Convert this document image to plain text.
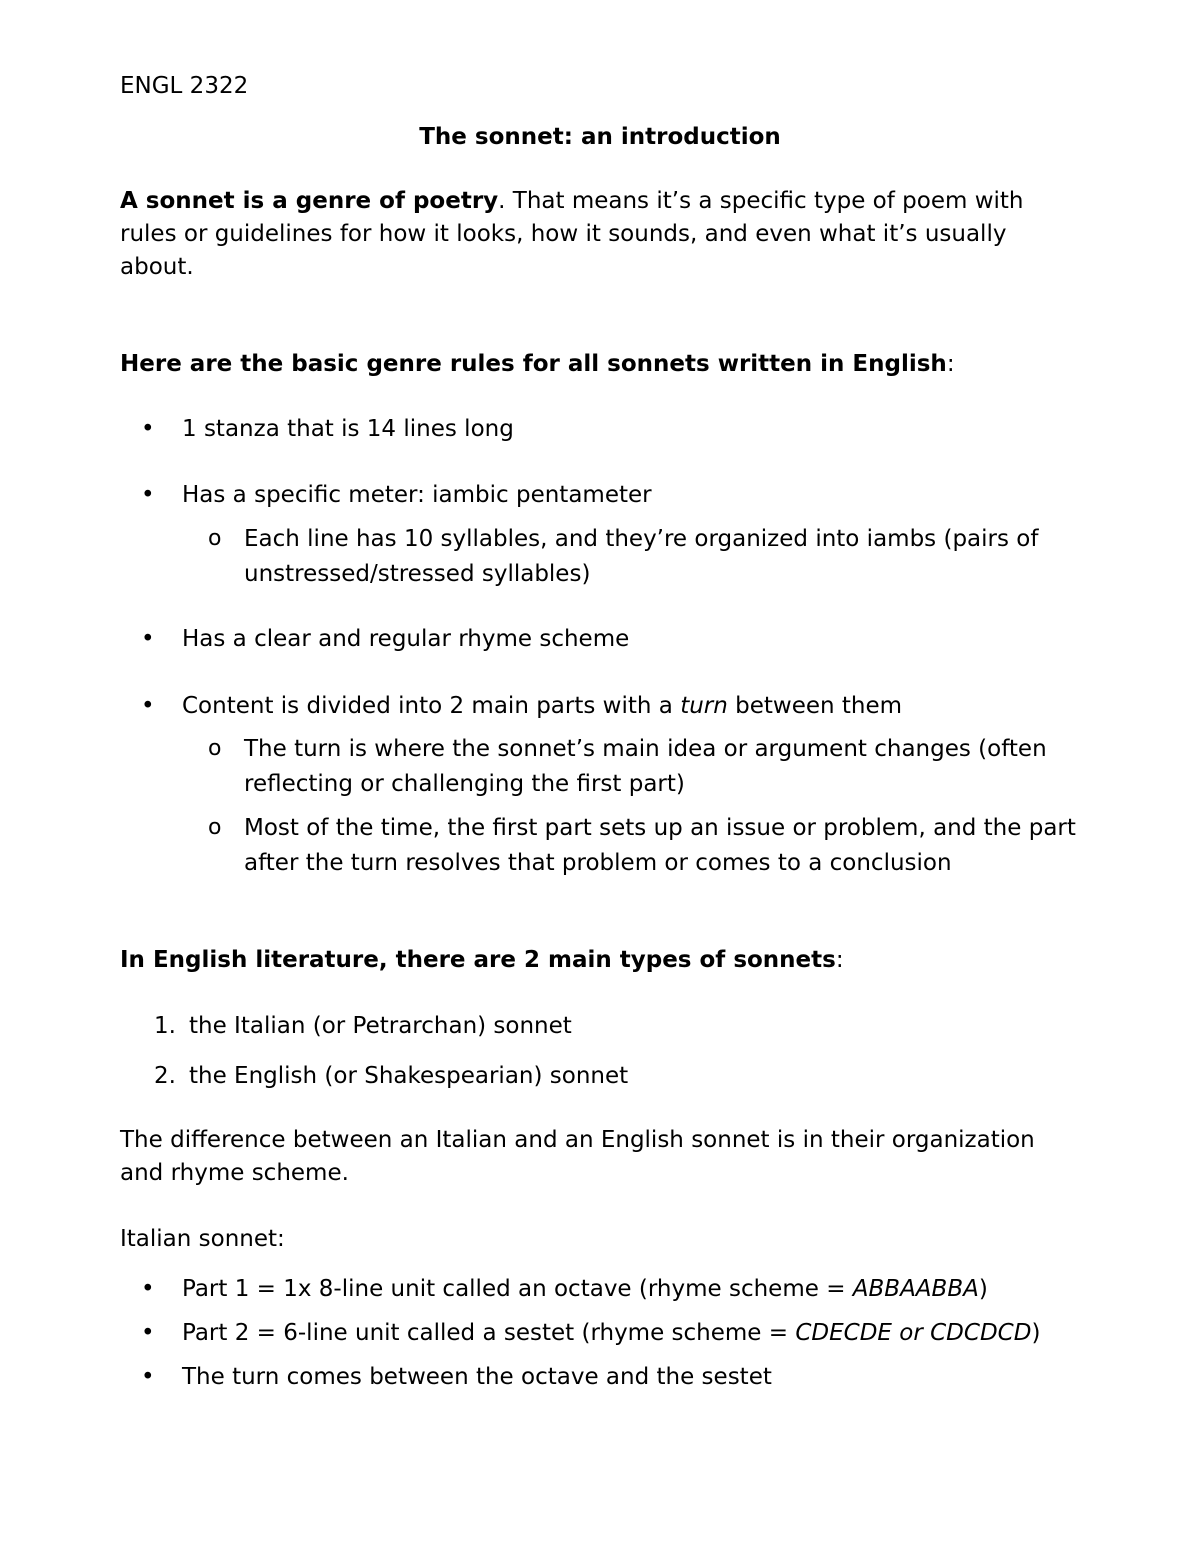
ENGL 2322

The sonnet: an introduction

A sonnet is a genre of poetry. That means it’s a specific type of poem with rules or guidelines for how it looks, how it sounds, and even what it’s usually about.

Here are the basic genre rules for all sonnets written in English:

• 1 stanza that is 14 lines long

• Has a specific meter: iambic pentameter

o Each line has 10 syllables, and they’re organized into iambs (pairs of unstressed/stressed syllables)

• Has a clear and regular rhyme scheme

• Content is divided into 2 main parts with a turn between them

o The turn is where the sonnet’s main idea or argument changes (often reflecting or challenging the first part)

o Most of the time, the first part sets up an issue or problem, and the part after the turn resolves that problem or comes to a conclusion

In English literature, there are 2 main types of sonnets:

1. the Italian (or Petrarchan) sonnet

2. the English (or Shakespearian) sonnet

The difference between an Italian and an English sonnet is in their organization and rhyme scheme.

Italian sonnet:

• Part 1 = 1x 8-line unit called an octave (rhyme scheme = ABBAABBA)

• Part 2 = 6-line unit called a sestet (rhyme scheme = CDECDE or CDCDCD)

• The turn comes between the octave and the sestet
